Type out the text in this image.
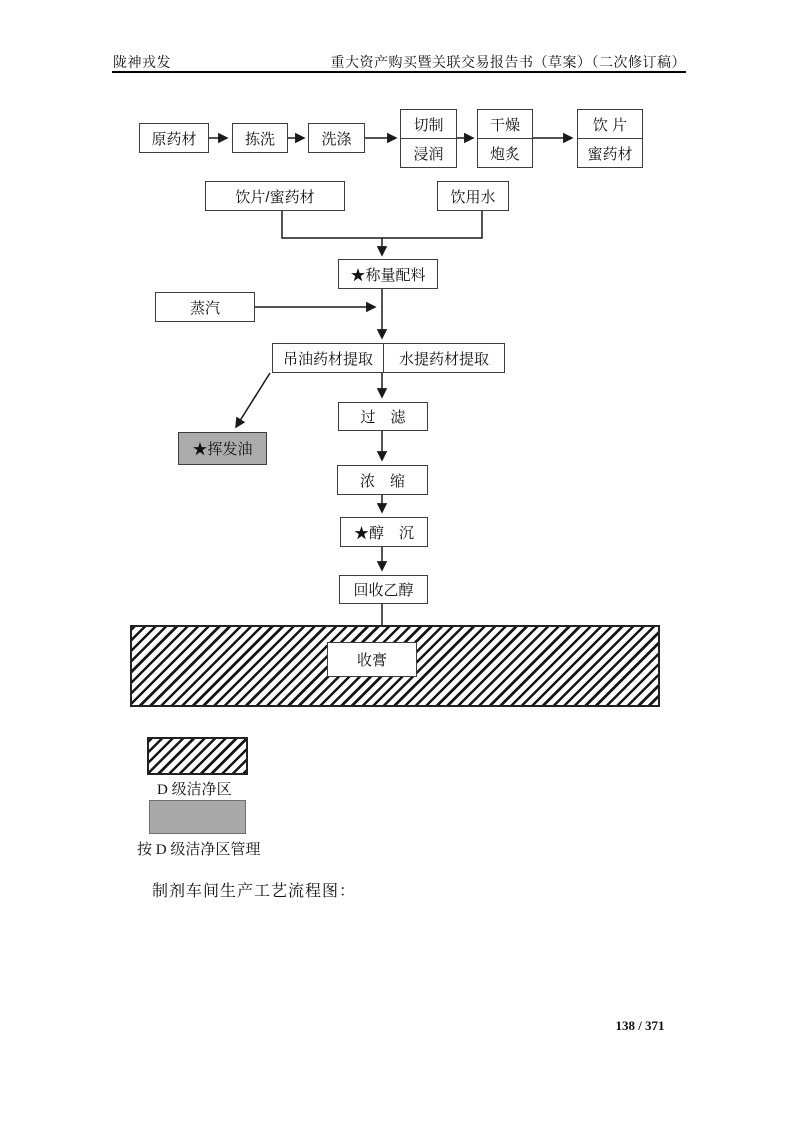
陇神戎发	重大资产购买暨关联交易报告书（草案）（二次修订稿）
原药材	拣洗	洗涤
切制
浸润
干燥
炮炙
饮 片
蜜药材
饮片/蜜药材	饮用水
★称量配料
蒸汽
吊油药材提取	水提药材提取
★挥发油
过　滤
浓　缩
★醇　沉
回收乙醇
收膏
D 级洁净区
按 D 级洁净区管理
制剂车间生产工艺流程图：
138 / 371
